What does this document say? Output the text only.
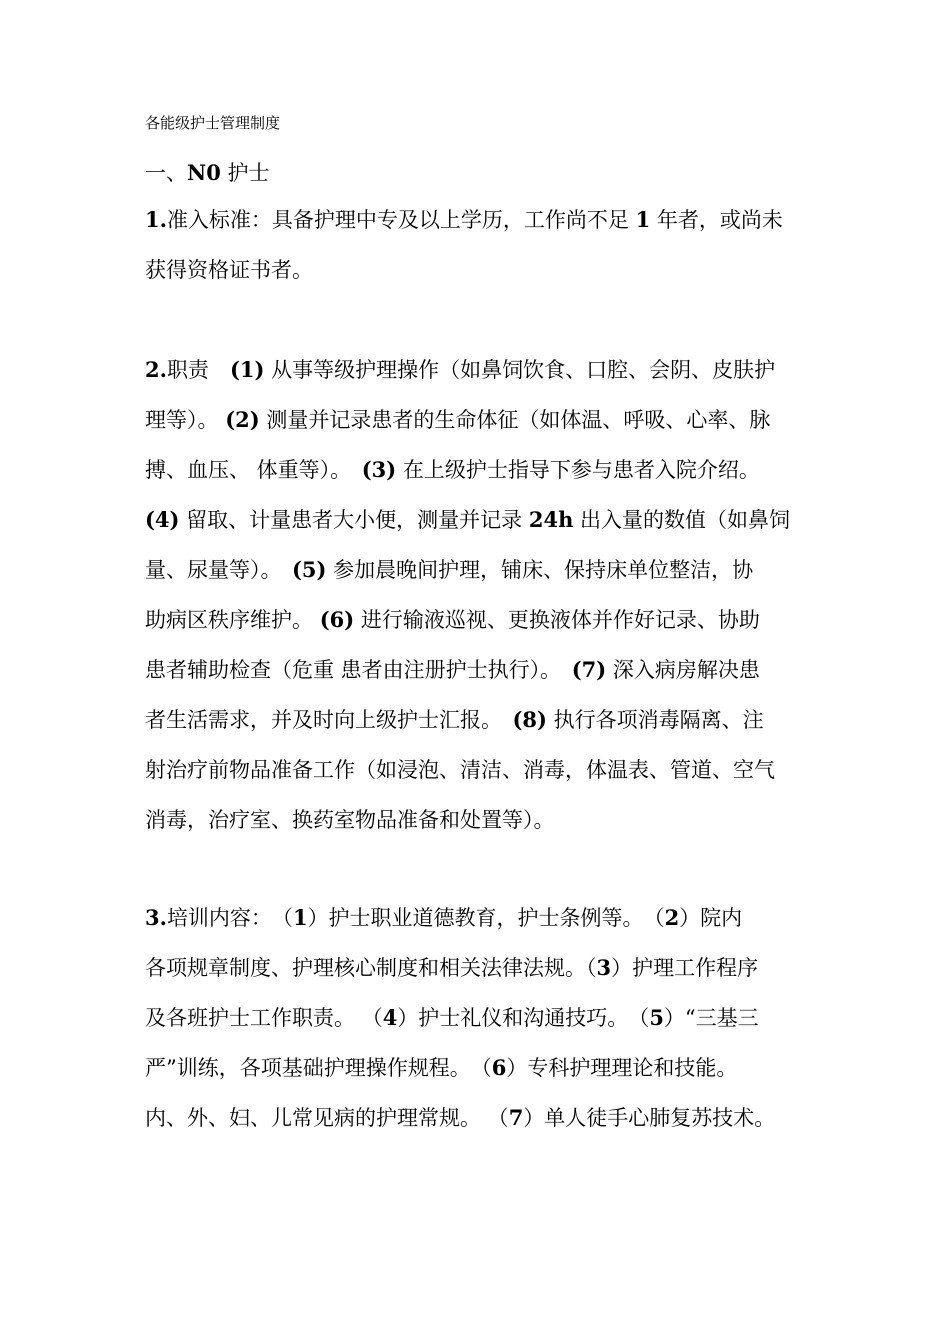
各能级护士管理制度
一、N0 护士
1.准入标准：具备护理中专及以上学历，工作尚不足 1 年者，或尚未
获得资格证书者。
2.职责　(1) 从事等级护理操作（如鼻饲饮食、口腔、会阴、皮肤护
理等）。 (2) 测量并记录患者的生命体征（如体温、呼吸、心率、脉
搏、血压、 体重等）。　(3) 在上级护士指导下参与患者入院介绍。
(4) 留取、计量患者大小便，测量并记录 24h 出入量的数值（如鼻饲
量、尿量等）。　(5) 参加晨晚间护理，铺床、保持床单位整洁，协
助病区秩序维护。 (6) 进行输液巡视、更换液体并作好记录、协助
患者辅助检查（危重 患者由注册护士执行）。　(7) 深入病房解决患
者生活需求，并及时向上级护士汇报。　(8) 执行各项消毒隔离、注
射治疗前物品准备工作（如浸泡、清洁、消毒，体温表、管道、空气
消毒，治疗室、换药室物品准备和处置等）。
3.培训内容：　（1）护士职业道德教育，护士条例等。　（2）院内
各项规章制度、护理核心制度和相关法律法规。（3）护理工作程序
及各班护士工作职责。 （4）护士礼仪和沟通技巧。　（5）“三基三
严”训练，各项基础护理操作规程。　（6）专科护理理论和技能。
内、外、妇、儿常见病的护理常规。 （7）单人徒手心肺复苏技术。
